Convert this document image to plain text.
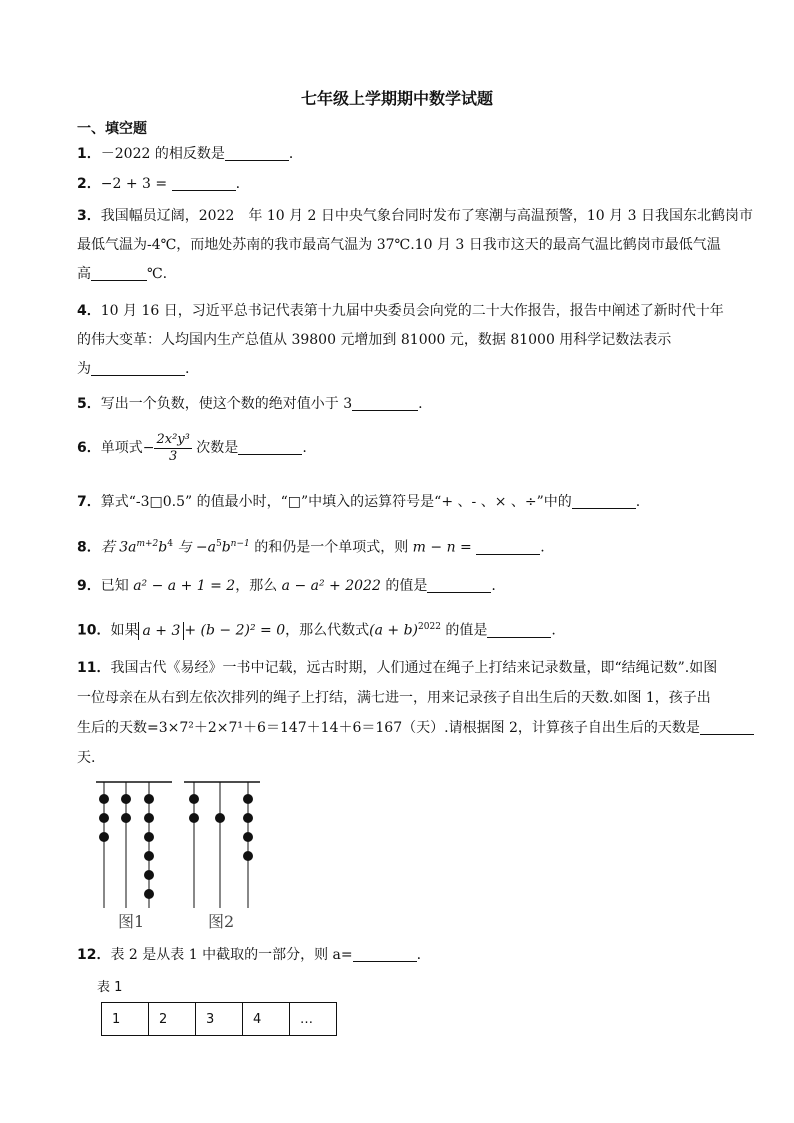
七年级上学期期中数学试题
一、填空题
1．－2022 的相反数是	．
2．−2 + 3 =	.
3．我国幅员辽阔，2022　年 10 月 2 日中央气象台同时发布了寒潮与高温预警，10 月 3 日我国东北鹤岗市
最低气温为-4℃，而地处苏南的我市最高气温为 37℃.10 月 3 日我市这天的最高气温比鹤岗市最低气温
高	℃.
4．10 月 16 日，习近平总书记代表第十九届中央委员会向党的二十大作报告，报告中阐述了新时代十年
的伟大变革：人均国内生产总值从 39800 元增加到 81000 元，数据 81000 用科学记数法表示
为	.
5．写出一个负数，使这个数的绝对值小于 3	.
6．单项式− $\frac{\text{2x²y³}}{3}$ 次数是	.
7．算式“-3□0.5” 的值最小时，“□”中填入的运算符号是“+ 、- 、× 、÷”中的	.
8．若 $3a^{m+2}b^4$ 与 $-a^5b^{n-1}$ 的和仍是一个单项式，则 m − n =	.
9．已知 a² − a + 1 = 2，那么 a − a² + 2022 的值是	.
10．如果 a + 3 + (b − 2)² = 0，那么代数式$(a + b)^{2022}$ 的值是	.
11．我国古代《易经》一书中记载，远古时期，人们通过在绳子上打结来记录数量，即“结绳记数”.如图
一位母亲在从右到左依次排列的绳子上打结，满七进一，用来记录孩子自出生后的天数.如图 1，孩子出
生后的天数=3×7²＋2×7¹＋6＝147＋14＋6＝167（天）.请根据图 2，计算孩子自出生后的天数是
天.
图1	图2
12．表 2 是从表 1 中截取的一部分，则 a=	.
表 1
1	2	3	4	…
